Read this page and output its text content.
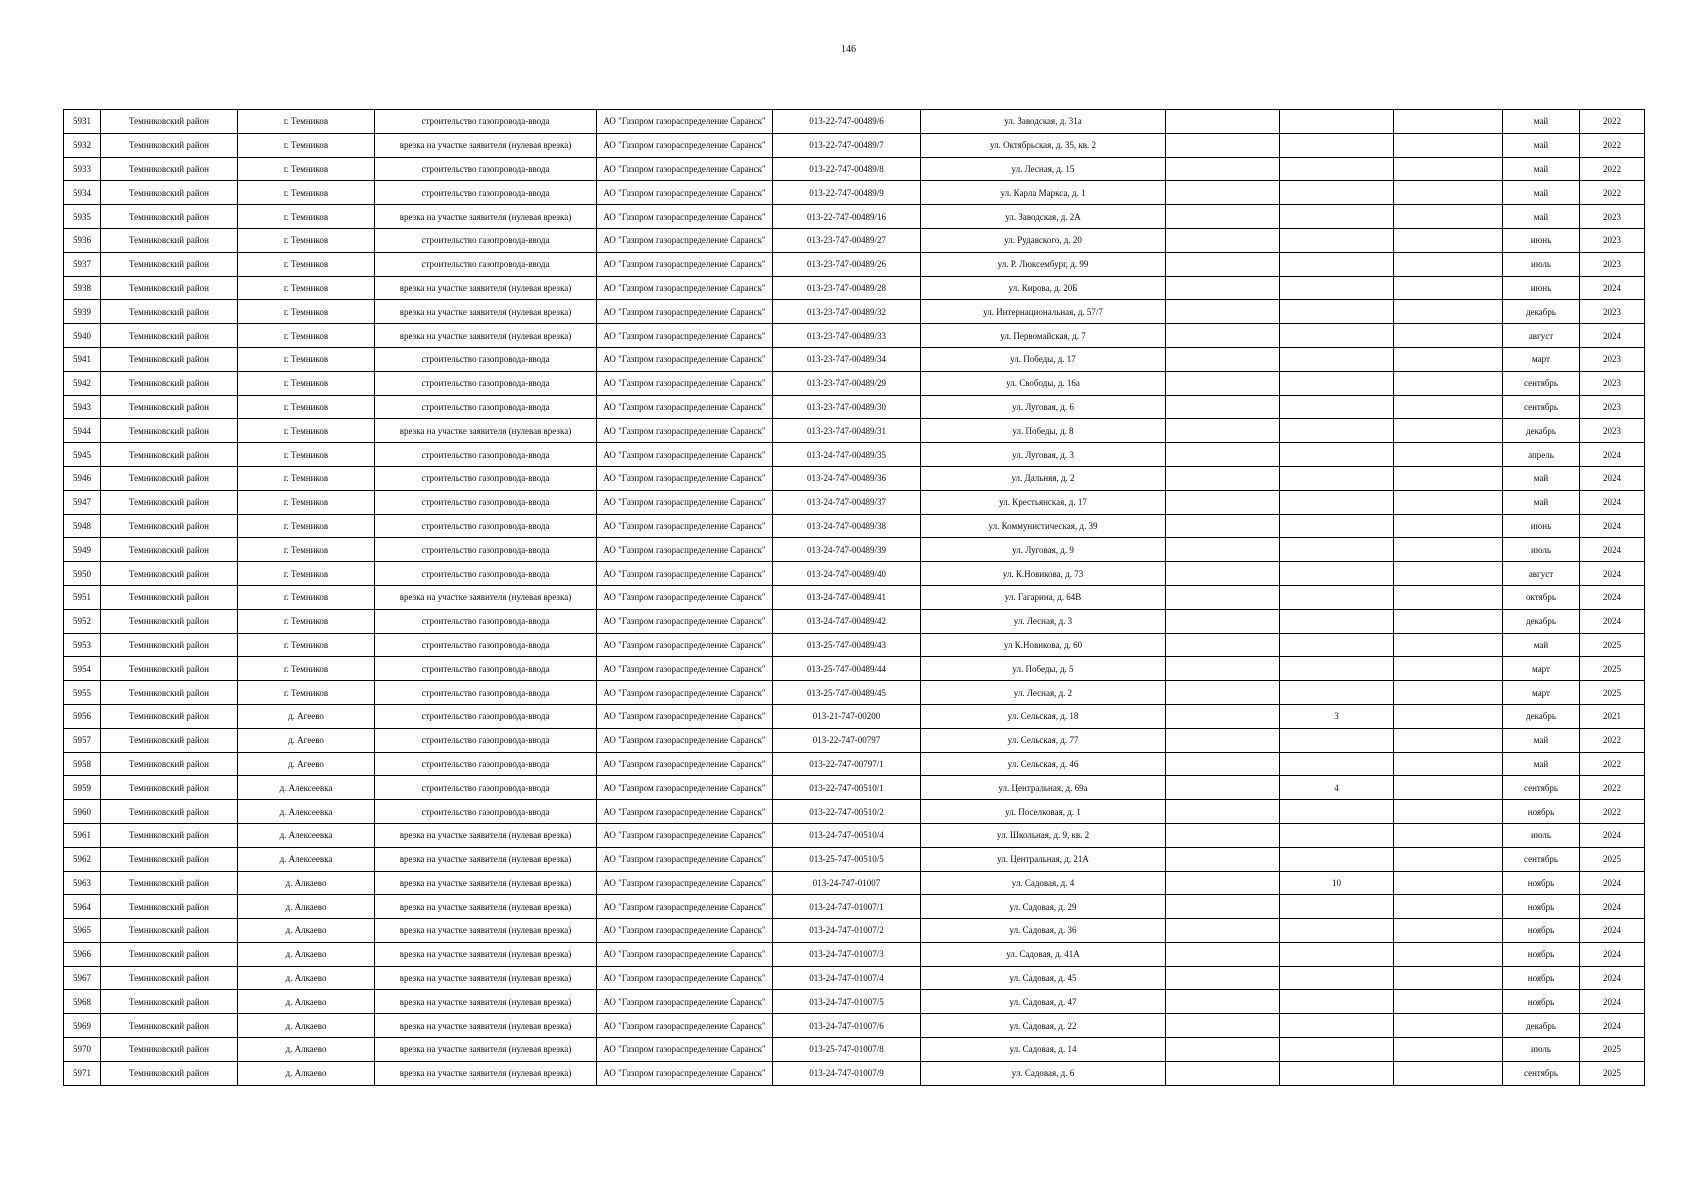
146
5931	Темниковский район	г. Темников	строительство газопровода-ввода	АО "Газпром газораспределение Саранск"	013-22-747-00489/6	ул. Заводская, д. 31а				май	2022
5932	Темниковский район	г. Темников	врезка на участке заявителя (нулевая врезка)	АО "Газпром газораспределение Саранск"	013-22-747-00489/7	ул. Октябрьская, д. 35, кв. 2				май	2022
5933	Темниковский район	г. Темников	строительство газопровода-ввода	АО "Газпром газораспределение Саранск"	013-22-747-00489/8	ул. Лесная, д. 15				май	2022
5934	Темниковский район	г. Темников	строительство газопровода-ввода	АО "Газпром газораспределение Саранск"	013-22-747-00489/9	ул. Карла Маркса, д. 1				май	2022
5935	Темниковский район	г. Темников	врезка на участке заявителя (нулевая врезка)	АО "Газпром газораспределение Саранск"	013-22-747-00489/16	ул. Заводская, д. 2А				май	2023
5936	Темниковский район	г. Темников	строительство газопровода-ввода	АО "Газпром газораспределение Саранск"	013-23-747-00489/27	ул. Рудавского, д. 20				июнь	2023
5937	Темниковский район	г. Темников	строительство газопровода-ввода	АО "Газпром газораспределение Саранск"	013-23-747-00489/26	ул. Р. Люксембург, д. 99				июль	2023
5938	Темниковский район	г. Темников	врезка на участке заявителя (нулевая врезка)	АО "Газпром газораспределение Саранск"	013-23-747-00489/28	ул. Кирова, д. 20Б				июнь	2024
5939	Темниковский район	г. Темников	врезка на участке заявителя (нулевая врезка)	АО "Газпром газораспределение Саранск"	013-23-747-00489/32	ул. Интернациональная, д. 57/7				декабрь	2023
5940	Темниковский район	г. Темников	врезка на участке заявителя (нулевая врезка)	АО "Газпром газораспределение Саранск"	013-23-747-00489/33	ул. Первомайская, д. 7				август	2024
5941	Темниковский район	г. Темников	строительство газопровода-ввода	АО "Газпром газораспределение Саранск"	013-23-747-00489/34	ул. Победы, д. 17				март	2023
5942	Темниковский район	г. Темников	строительство газопровода-ввода	АО "Газпром газораспределение Саранск"	013-23-747-00489/29	ул. Свободы, д. 16а				сентябрь	2023
5943	Темниковский район	г. Темников	строительство газопровода-ввода	АО "Газпром газораспределение Саранск"	013-23-747-00489/30	ул. Луговая, д. 6				сентябрь	2023
5944	Темниковский район	г. Темников	врезка на участке заявителя (нулевая врезка)	АО "Газпром газораспределение Саранск"	013-23-747-00489/31	ул. Победы, д. 8				декабрь	2023
5945	Темниковский район	г. Темников	строительство газопровода-ввода	АО "Газпром газораспределение Саранск"	013-24-747-00489/35	ул. Луговая, д. 3				апрель	2024
5946	Темниковский район	г. Темников	строительство газопровода-ввода	АО "Газпром газораспределение Саранск"	013-24-747-00489/36	ул. Дальняя, д. 2				май	2024
5947	Темниковский район	г. Темников	строительство газопровода-ввода	АО "Газпром газораспределение Саранск"	013-24-747-00489/37	ул. Крестьянская, д. 17				май	2024
5948	Темниковский район	г. Темников	строительство газопровода-ввода	АО "Газпром газораспределение Саранск"	013-24-747-00489/38	ул. Коммунистическая, д. 39				июнь	2024
5949	Темниковский район	г. Темников	строительство газопровода-ввода	АО "Газпром газораспределение Саранск"	013-24-747-00489/39	ул. Луговая, д. 9				июль	2024
5950	Темниковский район	г. Темников	строительство газопровода-ввода	АО "Газпром газораспределение Саранск"	013-24-747-00489/40	ул. К.Новикова, д. 73				август	2024
5951	Темниковский район	г. Темников	врезка на участке заявителя (нулевая врезка)	АО "Газпром газораспределение Саранск"	013-24-747-00489/41	ул. Гагарина, д. 64В				октябрь	2024
5952	Темниковский район	г. Темников	строительство газопровода-ввода	АО "Газпром газораспределение Саранск"	013-24-747-00489/42	ул. Лесная, д. 3				декабрь	2024
5953	Темниковский район	г. Темников	строительство газопровода-ввода	АО "Газпром газораспределение Саранск"	013-25-747-00489/43	ул К.Новикова, д. 60				май	2025
5954	Темниковский район	г. Темников	строительство газопровода-ввода	АО "Газпром газораспределение Саранск"	013-25-747-00489/44	ул. Победы, д. 5				март	2025
5955	Темниковский район	г. Темников	строительство газопровода-ввода	АО "Газпром газораспределение Саранск"	013-25-747-00489/45	ул. Лесная, д. 2				март	2025
5956	Темниковский район	д. Агеево	строительство газопровода-ввода	АО "Газпром газораспределение Саранск"	013-21-747-00200	ул. Сельская, д. 18		3		декабрь	2021
5957	Темниковский район	д. Агеево	строительство газопровода-ввода	АО "Газпром газораспределение Саранск"	013-22-747-00797	ул. Сельская, д. 77				май	2022
5958	Темниковский район	д. Агеево	строительство газопровода-ввода	АО "Газпром газораспределение Саранск"	013-22-747-00797/1	ул. Сельская, д. 46				май	2022
5959	Темниковский район	д. Алексеевка	строительство газопровода-ввода	АО "Газпром газораспределение Саранск"	013-22-747-00510/1	ул. Центральная, д. 69а		4		сентябрь	2022
5960	Темниковский район	д. Алексеевка	строительство газопровода-ввода	АО "Газпром газораспределение Саранск"	013-22-747-00510/2	ул. Поселковая, д. 1				ноябрь	2022
5961	Темниковский район	д. Алексеевка	врезка на участке заявителя (нулевая врезка)	АО "Газпром газораспределение Саранск"	013-24-747-00510/4	ул. Школьная, д. 9, кв. 2				июль	2024
5962	Темниковский район	д. Алексеевка	врезка на участке заявителя (нулевая врезка)	АО "Газпром газораспределение Саранск"	013-25-747-00510/5	ул. Центральная, д. 21А				сентябрь	2025
5963	Темниковский район	д. Алкаево	врезка на участке заявителя (нулевая врезка)	АО "Газпром газораспределение Саранск"	013-24-747-01007	ул. Садовая, д. 4		10		ноябрь	2024
5964	Темниковский район	д. Алкаево	врезка на участке заявителя (нулевая врезка)	АО "Газпром газораспределение Саранск"	013-24-747-01007/1	ул. Садовая, д. 29				ноябрь	2024
5965	Темниковский район	д. Алкаево	врезка на участке заявителя (нулевая врезка)	АО "Газпром газораспределение Саранск"	013-24-747-01007/2	ул. Садовая, д. 36				ноябрь	2024
5966	Темниковский район	д. Алкаево	врезка на участке заявителя (нулевая врезка)	АО "Газпром газораспределение Саранск"	013-24-747-01007/3	ул. Садовая, д. 41А				ноябрь	2024
5967	Темниковский район	д. Алкаево	врезка на участке заявителя (нулевая врезка)	АО "Газпром газораспределение Саранск"	013-24-747-01007/4	ул. Садовая, д. 45				ноябрь	2024
5968	Темниковский район	д. Алкаево	врезка на участке заявителя (нулевая врезка)	АО "Газпром газораспределение Саранск"	013-24-747-01007/5	ул. Садовая, д. 47				ноябрь	2024
5969	Темниковский район	д. Алкаево	врезка на участке заявителя (нулевая врезка)	АО "Газпром газораспределение Саранск"	013-24-747-01007/6	ул. Садовая, д. 22				декабрь	2024
5970	Темниковский район	д. Алкаево	врезка на участке заявителя (нулевая врезка)	АО "Газпром газораспределение Саранск"	013-25-747-01007/8	ул. Садовая, д. 14				июль	2025
5971	Темниковский район	д. Алкаево	врезка на участке заявителя (нулевая врезка)	АО "Газпром газораспределение Саранск"	013-24-747-01007/9	ул. Садовая, д. 6				сентябрь	2025
